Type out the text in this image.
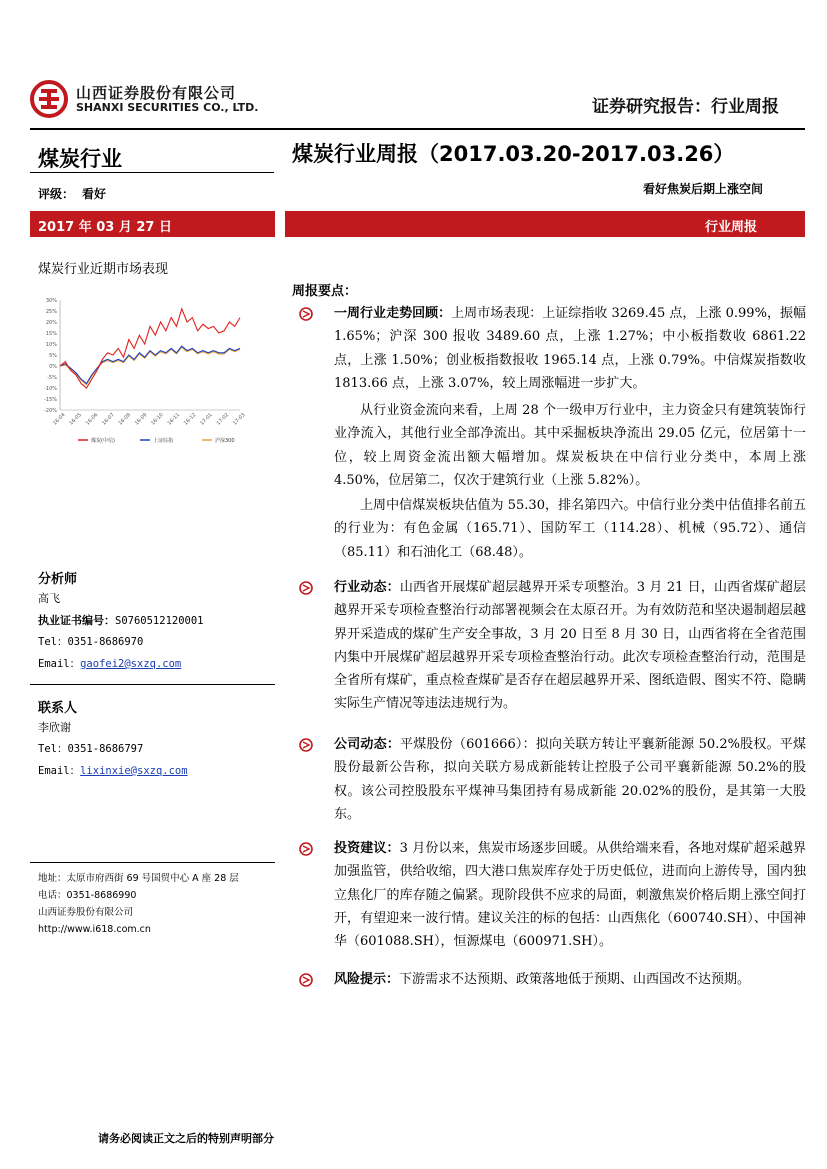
山西证券股份有限公司
SHANXI SECURITIES CO., LTD.	证券研究报告：行业周报
煤炭行业	煤炭行业周报（2017.03.20-2017.03.26）
评级： 看好	看好焦炭后期上涨空间
2017 年 03 月 27 日	行业周报
煤炭行业近期市场表现
30%
25%
20%
15%
10%
5%
0%
-5%
-10%
-15%
-20%
16-04 16-05 16-06 16-07 16-08 16-09 16-10 16-11 16-12 17-01 17-02 17-03
煤炭(中信)	上证综指	沪深300
分析师
高飞
执业证书编号：S0760512120001
Tel：0351-8686970
Email：gaofei2@sxzq.com
联系人
李欣谢
Tel：0351-8686797
Email：lixinxie@sxzq.com
地址：太原市府西街 69 号国贸中心 A 座 28 层
电话：0351-8686990
山西证券股份有限公司
http://www.i618.com.cn
周报要点：
一周行业走势回顾：上周市场表现：上证综指收 3269.45 点，上涨 0.99%，振幅 1.65%；沪深 300 报收 3489.60 点，上涨 1.27%；中小板指数收 6861.22 点，上涨 1.50%；创业板指数报收 1965.14 点，上涨 0.79%。中信煤炭指数收 1813.66 点，上涨 3.07%，较上周涨幅进一步扩大。
从行业资金流向来看，上周 28 个一级申万行业中，主力资金只有建筑装饰行业净流入，其他行业全部净流出。其中采掘板块净流出 29.05 亿元，位居第十一位，较上周资金流出额大幅增加。煤炭板块在中信行业分类中，本周上涨 4.50%，位居第二，仅次于建筑行业（上涨 5.82%）。
上周中信煤炭板块估值为 55.30，排名第四六。中信行业分类中估值排名前五的行业为：有色金属（165.71）、国防军工（114.28）、机械（95.72）、通信（85.11）和石油化工（68.48）。
行业动态：山西省开展煤矿超层越界开采专项整治。3 月 21 日，山西省煤矿超层越界开采专项检查整治行动部署视频会在太原召开。为有效防范和坚决遏制超层越界开采造成的煤矿生产安全事故，3 月 20 日至 8 月 30 日，山西省将在全省范围内集中开展煤矿超层越界开采专项检查整治行动。此次专项检查整治行动，范围是全省所有煤矿，重点检查煤矿是否存在超层越界开采、图纸造假、图实不符、隐瞒实际生产情况等违法违规行为。
公司动态：平煤股份（601666）：拟向关联方转让平襄新能源 50.2%股权。平煤股份最新公告称，拟向关联方易成新能转让控股子公司平襄新能源 50.2%的股权。该公司控股股东平煤神马集团持有易成新能 20.02%的股份，是其第一大股东。
投资建议：3 月份以来，焦炭市场逐步回暖。从供给端来看，各地对煤矿超采越界加强监管，供给收缩，四大港口焦炭库存处于历史低位，进而向上游传导，国内独立焦化厂的库存随之偏紧。现阶段供不应求的局面，刺激焦炭价格后期上涨空间打开，有望迎来一波行情。建议关注的标的包括：山西焦化（600740.SH）、中国神华（601088.SH），恒源煤电（600971.SH）。
风险提示：下游需求不达预期、政策落地低于预期、山西国改不达预期。
请务必阅读正文之后的特别声明部分
